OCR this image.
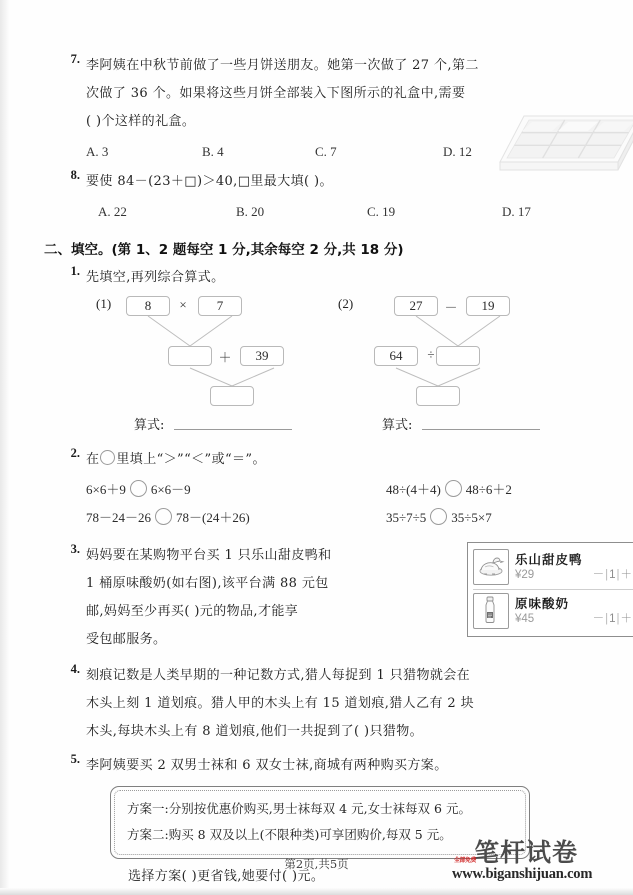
7. 李阿姨在中秋节前做了一些月饼送朋友。她第一次做了 27 个,第二
次做了 36 个。如果将这些月饼全部装入下图所示的礼盒中,需要
( )个这样的礼盒。
A. 3	B. 4	C. 7	D. 12
8. 要使 84－(23＋□)＞40,□里最大填( )。
A. 22	B. 20	C. 19	D. 17
二、填空。(第 1、2 题每空 1 分,其余每空 2 分,共 18 分)
1. 先填空,再列综合算式。
(1)	8	×	7
＋	39
(2)	27	－	19
64	÷
算式:	算式:
2. 在 里填上“＞”“＜”或“＝”。
6×6＋9 6×6－9	48÷(4＋4) 48÷6＋2
78－24－26 78－(24＋26)	35÷7÷5 35÷5×7
3. 妈妈要在某购物平台买 1 只乐山甜皮鸭和
1 桶原味酸奶(如右图),该平台满 88 元包
邮,妈妈至少再买( )元的物品,才能享
受包邮服务。
乐山甜皮鸭
¥29	－|1|＋
原味酸奶
¥45	－|1|＋
4. 刻痕记数是人类早期的一种记数方式,猎人每捉到 1 只猎物就会在
木头上刻 1 道划痕。猎人甲的木头上有 15 道划痕,猎人乙有 2 块
木头,每块木头上有 8 道划痕,他们一共捉到了( )只猎物。
5. 李阿姨要买 2 双男士袜和 6 双女士袜,商城有两种购买方案。
方案一:分别按优惠价购买,男士袜每双 4 元,女士袜每双 6 元。
方案二:购买 8 双及以上(不限种类)可享团购价,每双 5 元。
选择方案( )更省钱,她要付( )元。
第2页,共5页	全部免费
笔杆试卷
www.biganshijuan.com
